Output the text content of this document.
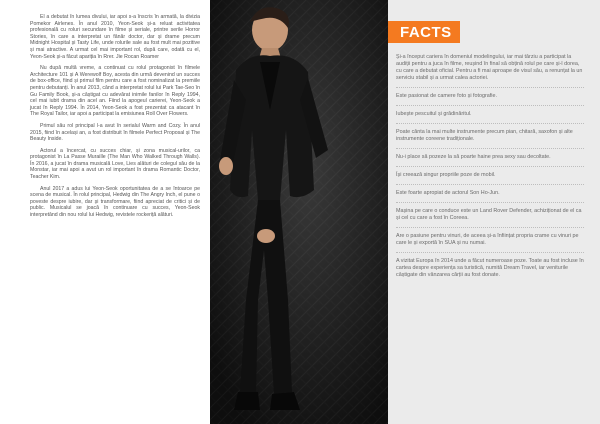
El a debutat în lumea divului, iar apoi s-a înscris în armată, la divizia Pomekor Airlenes. În anul 2010, Yeon-Seok și-a reluat activitatea profesională cu roluri secundare în filme și seriale, printre serile Horror Stories, în care a interpretat un fânăr doctor, dar și drame precum Midnight Hospital și Tasty Life, unde rolurile sale au fost mult mai pozitive și mai atractive. A urmat cel mai important rol, după care, odată cu el, Yeon-Seok și-a făcut apariția în Rrer. Jie Rocan Roamer

Nu după multă vreme, a continuat cu rolul protagonist în filmele Architecture 101 și A Werewolf Boy, acesta din urmă devenind un succes de box-office, fiind și primul film pentru care a fost nominalizat la premiile pentru debutanți. În anul 2013, când a interpretat rolul lui Park Tae-Seo în Gu Family Book, și-a câștigat cu adevărat inimile fanilor în Reply 1994, cel mai iubit drama din acel an. Fiind la apogeul carierei, Yeon-Seok a jucat în Reply 1994. În 2014, Yeon-Seok a fost prezentat ca atacant în The Royal Tailor, iar apoi a participat la emisiunea Roll Over Flowers.

Primul său rol principal l-a avut în serialul Warm and Cozy. În anul 2015, fiind în același an, a fost distribuit în filmele Perfect Proposal și The Beauty Inside.

Actorul a încercat, cu succes chiar, și zona musical-urilor, ca protagonist în La Passe Muraille (The Man Who Walked Through Walls). În 2016, a jucat în drama musicală Love, Lies alături de colegul său de la Monstar, iar mai apoi a avut un rol important în drama Romantic Doctor, Teacher Kim.

Anul 2017 a adus lui Yeon-Seok oportunitatea de a se întoarce pe scena de musical. În rolul principal, Hedwig din The Angry Inch, el pune o poveste despre iubire, dar și transformare, fiind apreciat de critici și de public. Musicalul se joacă în continuare cu succes, Yeon-Seok interpretând din nou rolul lui Hedwig, revistele rockeriță alături.

FACTS
Și-a început cariera în domeniul modelingului, iar mai târziu a participat la audiții pentru a juca în filme, reușind în final să obțină rolul pe care și-l dorea, cu care a debutat oficial. Pentru a fi mai aproape de visul său, a renunțat la un serviciu stabil și a urmat calea actoriei.
Este pasionat de camere foto și fotografie.
Iubește pescuitul și grădinăritul.
Poate cânta la mai multe instrumente precum pian, chitară, saxofon și alte instrumente coreene tradiționale.
Nu-i place să pozeze la să poarte haine prea sexy sau decoltate.
Își creează singur propriile poze de mobil.
Este foarte apropiat de actorul Son Ho-Jun.
Mașina pe care o conduce este un Land Rover Defender, achiziționat de el ca și cel cu care a fost în Coreea.
Are o pasiune pentru vinuri, de aceea și-a înființat propria crame cu vinuri pe care le și exportă în SUA și nu numai.
A vizitat Europa în 2014 unde a făcut numeroase poze. Toate au fost incluse în cartea despre experiența sa turistică, numită Dream Travel, iar veniturile câștigate din vânzarea cărții au fost donate.
